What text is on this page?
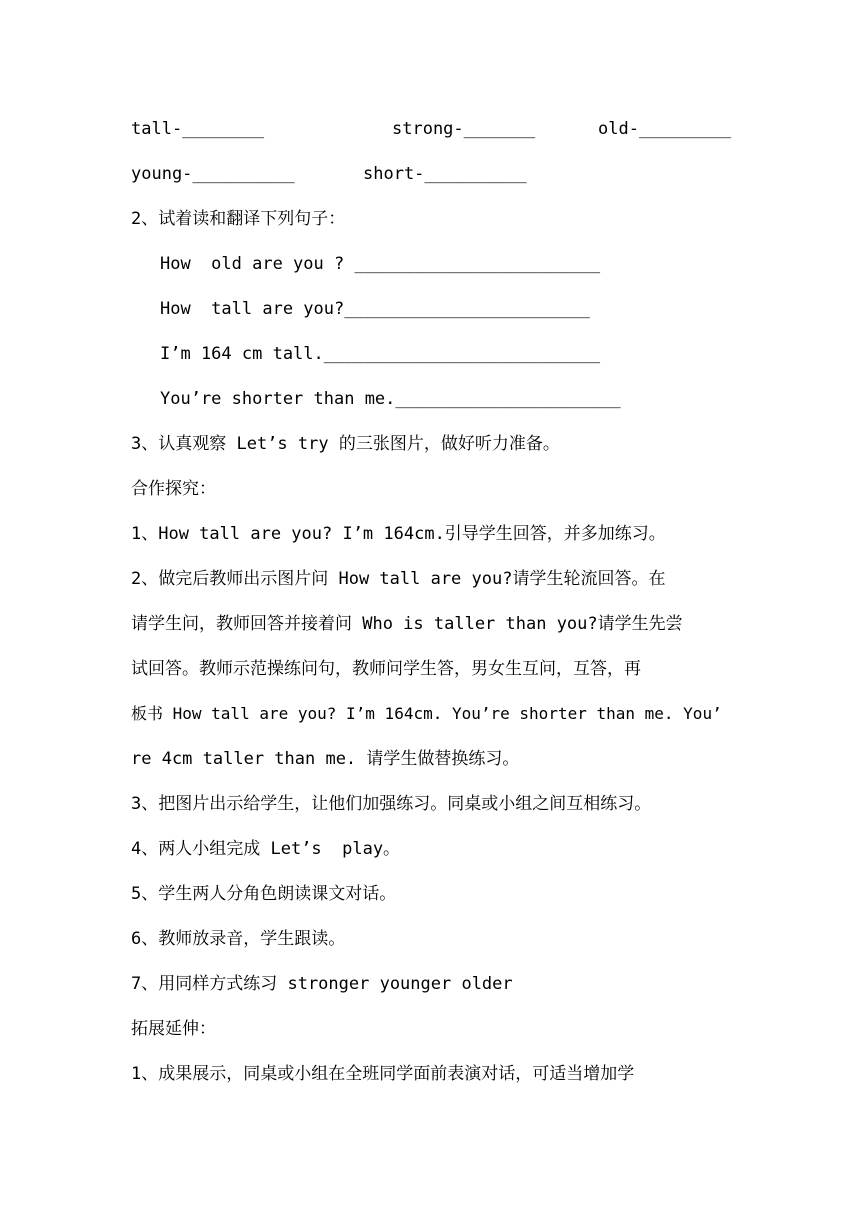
tall-________

	strong-_______

	old-_________

young-__________

	short-__________

2、试着读和翻译下列句子：
How  old are you ? ________________________
How  tall are you?________________________
I’m 164 cm tall.___________________________
You’re shorter than me.______________________
3、认真观察 Let’s try 的三张图片，做好听力准备。
合作探究：
1、How tall are you? I’m 164cm.引导学生回答，并多加练习。
2、做完后教师出示图片问 How tall are you?请学生轮流回答。在
请学生问，教师回答并接着问 Who is taller than you?请学生先尝
试回答。教师示范操练问句，教师问学生答，男女生互问，互答，再
板书 How tall are you? I’m 164cm. You’re shorter than me. You’
re 4cm taller than me. 请学生做替换练习。
3、把图片出示给学生，让他们加强练习。同桌或小组之间互相练习。
4、两人小组完成 Let’s  play。
5、学生两人分角色朗读课文对话。
6、教师放录音，学生跟读。
7、用同样方式练习 stronger younger older
拓展延伸：
1、成果展示，同桌或小组在全班同学面前表演对话，可适当增加学
